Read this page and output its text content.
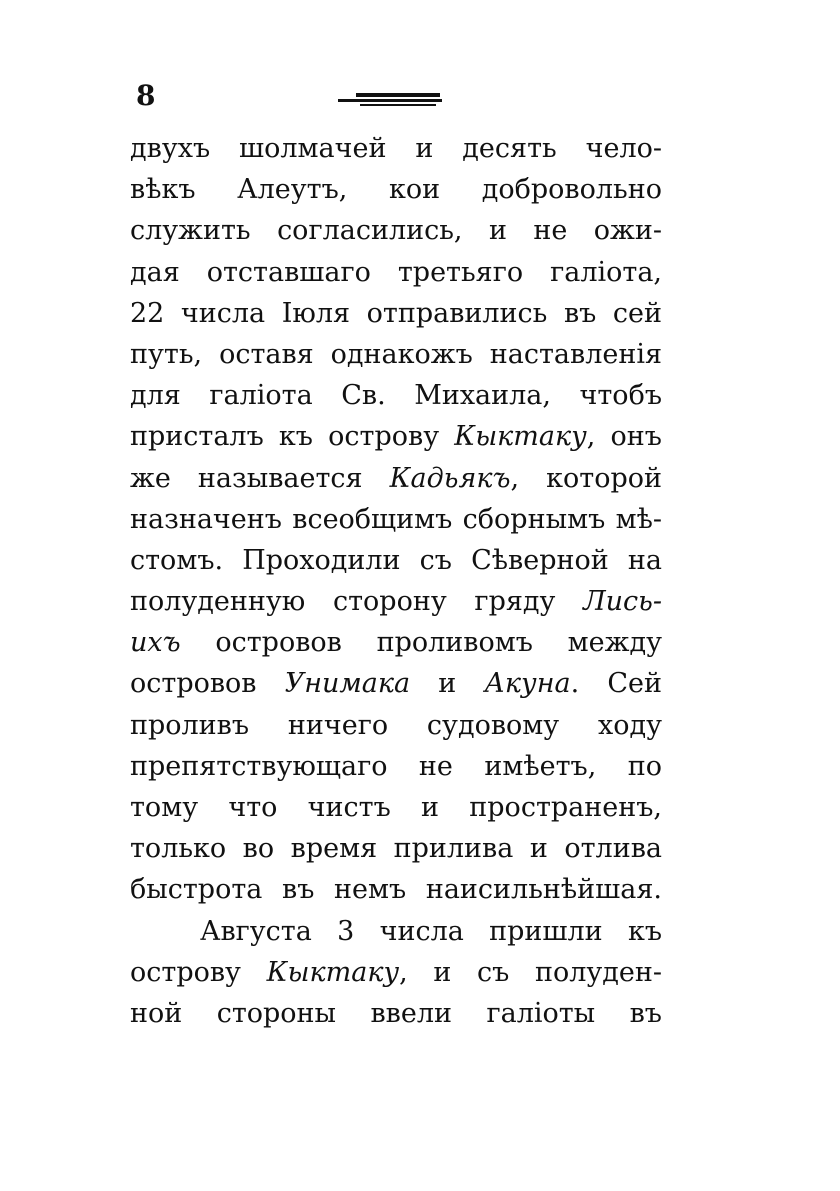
8
двухъ шолмачей и десять чело-
вѣкъ Алеутъ, кои добровольно
служить согласились, и не ожи-
дая отставшаго третьяго галіота,
22 числа Іюля отправились въ сей
путь, оставя однакожъ наставленія
для галіота Св. Михаила, чтобъ
присталъ къ острову Кыктаку, онъ
же называется Кадьякъ, которой
назначенъ всеобщимъ сборнымъ мѣ-
стомъ. Проходили съ Сѣверной на
полуденную сторону гряду Лись-
ихъ островов проливомъ между
островов Унимака и Акуна. Сей
проливъ ничего судовому ходу
препятствующаго не имѣетъ, по
тому что чистъ и пространенъ,
только во время прилива и отлива
быстрота въ немъ наисильнѣйшая.
Августа 3 числа пришли къ
острову Кыктаку, и съ полуден-
ной стороны ввели галіоты въ
